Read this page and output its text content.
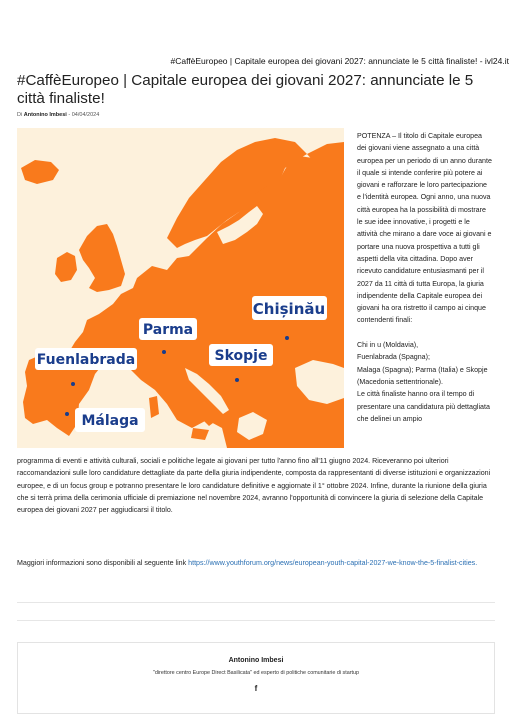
#CaffèEuropeo | Capitale europea dei giovani 2027: annunciate le 5 città finaliste! - ivl24.it
#CaffèEuropeo | Capitale europea dei giovani 2027: annunciate le 5 città finaliste!
Di Antonino Imbesi - 04/04/2024
Chișinău
Parma
Skopje
Fuenlabrada
Málaga

POTENZA – Il titolo di Capitale europea dei giovani viene assegnato a una città europea per un periodo di un anno durante il quale si intende conferire più potere ai giovani e rafforzare le loro partecipazione e l'identità europea. Ogni anno, una nuova città europea ha la possibilità di mostrare le sue idee innovative, i progetti e le attività che mirano a dare voce ai giovani e portare una nuova prospettiva a tutti gli aspetti della vita cittadina. Dopo aver ricevuto candidature entusiasmanti per il 2027 da 11 città di tutta Europa, la giuria indipendente della Capitale europea dei giovani ha ora ristretto il campo ai cinque contendenti finali:

Chi in u (Moldavia),

Fuenlabrada (Spagna);

Malaga (Spagna); Parma (Italia) e Skopje (Macedonia settentrionale).

Le città finaliste hanno ora il tempo di presentare una candidatura più dettagliata che delinei un ampio

programma di eventi e attività culturali, sociali e politiche legate ai giovani per tutto l'anno fino all'11 giugno 2024. Riceveranno poi ulteriori raccomandazioni sulle loro candidature dettagliate da parte della giuria indipendente, composta da rappresentanti di diverse istituzioni e organizzazioni europee, e di un focus group e potranno presentare le loro candidature definitive e aggiornate il 1° ottobre 2024. Infine, durante la riunione della giuria che si terrà prima della cerimonia ufficiale di premiazione nel novembre 2024, avranno l'opportunità di convincere la giuria di selezione della Capitale europea dei giovani 2027 per aggiudicarsi il titolo.

Maggiori informazioni sono disponibili al seguente link https://www.youthforum.org/news/european-youth-capital-2027-we-know-the-5-finalist-cities.

Antonino Imbesi
"direttore centro Europe Direct Basilicata" ed esperto di politiche comunitarie di startup
f
